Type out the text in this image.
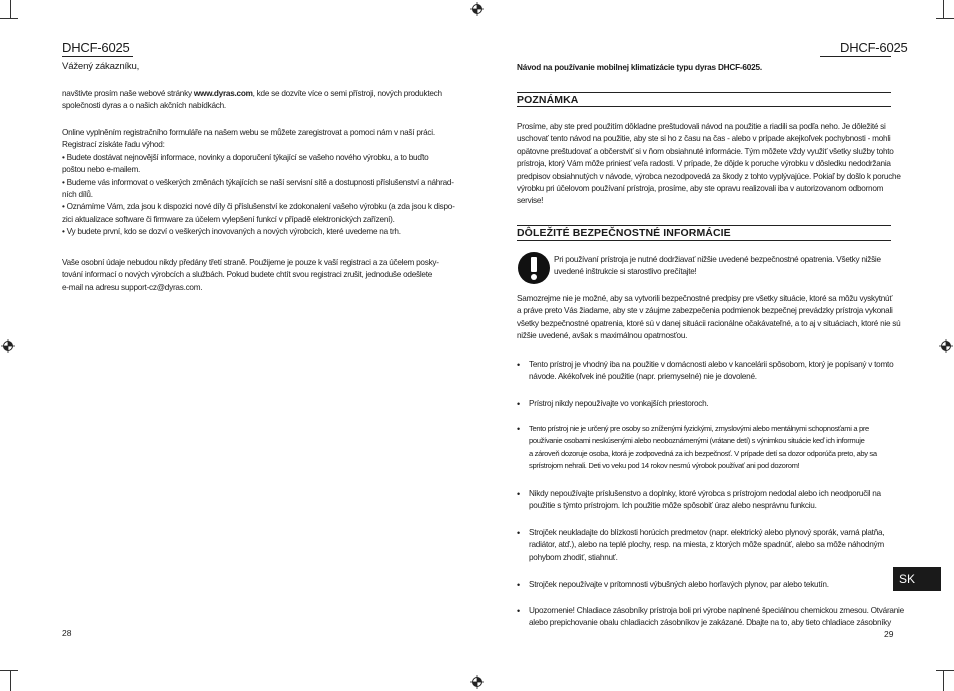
DHCF-6025
Vážený zákazníku,

navštivte prosím naše webové stránky www.dyras.com, kde se dozvíte více o semi přístroji, nových produktech

společnosti dyras a o našich akčních nabídkách.

Online vyplněním registračního formuláře na našem webu se můžete zaregistrovat a pomoci nám v naší práci.

Registrací získáte řadu výhod:

• Budete dostávat nejnovější informace, novinky a doporučení týkající se vašeho nového výrobku, a to buďto

poštou nebo e-mailem.

• Budeme vás informovat o veškerých změnách týkajících se naší servisní sítě a dostupnosti příslušenství a náhrad-

ních dílů.

• Oznámíme Vám, zda jsou k dispozici nové díly či příslušenství ke zdokonalení vašeho výrobku (a zda jsou k dispo-

zici aktualizace software či firmware za účelem vylepšení funkcí v případě elektronických zařízení).

• Vy budete první, kdo se dozví o veškerých inovovaných a nových výrobcích, které uvedeme na trh.

Vaše osobní údaje nebudou nikdy předány třetí straně. Použijeme je pouze k vaší registraci a za účelem posky-

tování informací o nových výrobcích a službách. Pokud budete chtít svou registraci zrušit, jednoduše odešlete

e-mail na adresu support-cz@dyras.com.

28
DHCF-6025
Návod na používanie mobilnej klimatizácie typu dyras DHCF-6025.
POZNÁMKA

Prosíme, aby ste pred použitím dôkladne preštudovali návod na použitie a riadili sa podľa neho. Je dôležité si

uschovať tento návod na použitie, aby ste si ho z času na čas - alebo v prípade akejkoľvek pochybnosti - mohli

opätovne preštudovať a občerstviť si v ňom obsiahnuté informácie. Tým môžete vždy využiť všetky služby tohto

prístroja, ktorý Vám môže priniesť veľa radosti. V prípade, že dôjde k poruche výrobku v dôsledku nedodržania

predpisov obsiahnutých v návode, výrobca nezodpovedá za škody z tohto vyplývajúce. Pokiaľ by došlo k poruche

výrobku pri účelovom používaní prístroja, prosíme, aby ste opravu realizovali iba v autorizovanom odbornom

servise!

DÔLEŽITÉ BEZPEČNOSTNÉ INFORMÁCIE

Pri používaní prístroja je nutné dodržiavať nižšie uvedené bezpečnostné opatrenia. Všetky nižšie

uvedené inštrukcie si starostlivo prečítajte!

Samozrejme nie je možné, aby sa vytvorili bezpečnostné predpisy pre všetky situácie, ktoré sa môžu vyskytnúť

a práve preto Vás žiadame, aby ste v záujme zabezpečenia podmienok bezpečnej prevádzky prístroja vykonali

všetky bezpečnostné opatrenia, ktoré sú v danej situácii racionálne očakávateľné, a to aj v situáciach, ktoré nie sú

nižšie uvedené, avšak s maximálnou opatrnosťou.

• Tento prístroj je vhodný iba na použitie v domácnosti alebo v kancelárii spôsobom, ktorý je popísaný v tomto

návode. Akékoľvek iné použitie (napr. priemyselné) nie je dovolené.

• Prístroj nikdy nepoužívajte vo vonkajších priestoroch.

• Tento prístroj nie je určený pre osoby so zníženými fyzickými, zmyslovými alebo mentálnymi schopnosťami a pre

používanie osobami neskúsenými alebo neoboznámenými (vrátane detí) s výnimkou situácie keď ich informuje

a zároveň dozoruje osoba, ktorá je zodpovedná za ich bezpečnosť. V prípade detí sa dozor odporúča preto, aby sa

sprístrojom nehrali. Deti vo veku pod 14 rokov nesmú výrobok používať ani pod dozorom!

• Nikdy nepoužívajte príslušenstvo a doplnky, ktoré výrobca s prístrojom nedodal alebo ich neodporučil na

použitie s týmto prístrojom. Ich použitie môže spôsobiť úraz alebo nesprávnu funkciu.

• Strojček neukladajte do blízkosti horúcich predmetov (napr. elektrický alebo plynový sporák, varná platňa,

radiátor, atď.), alebo na teplé plochy, resp. na miesta, z ktorých môže spadnúť, alebo sa môže náhodným

pohybom zhodiť, stiahnuť.

• Strojček nepoužívajte v prítomnosti výbušných alebo horľavých plynov, par alebo tekutín.

• Upozornenie! Chladiace zásobníky prístroja boli pri výrobe naplnené špeciálnou chemickou zmesou. Otváranie

alebo prepichovanie obalu chladiacich zásobníkov je zakázané. Dbajte na to, aby tieto chladiace zásobníky

SK
29
